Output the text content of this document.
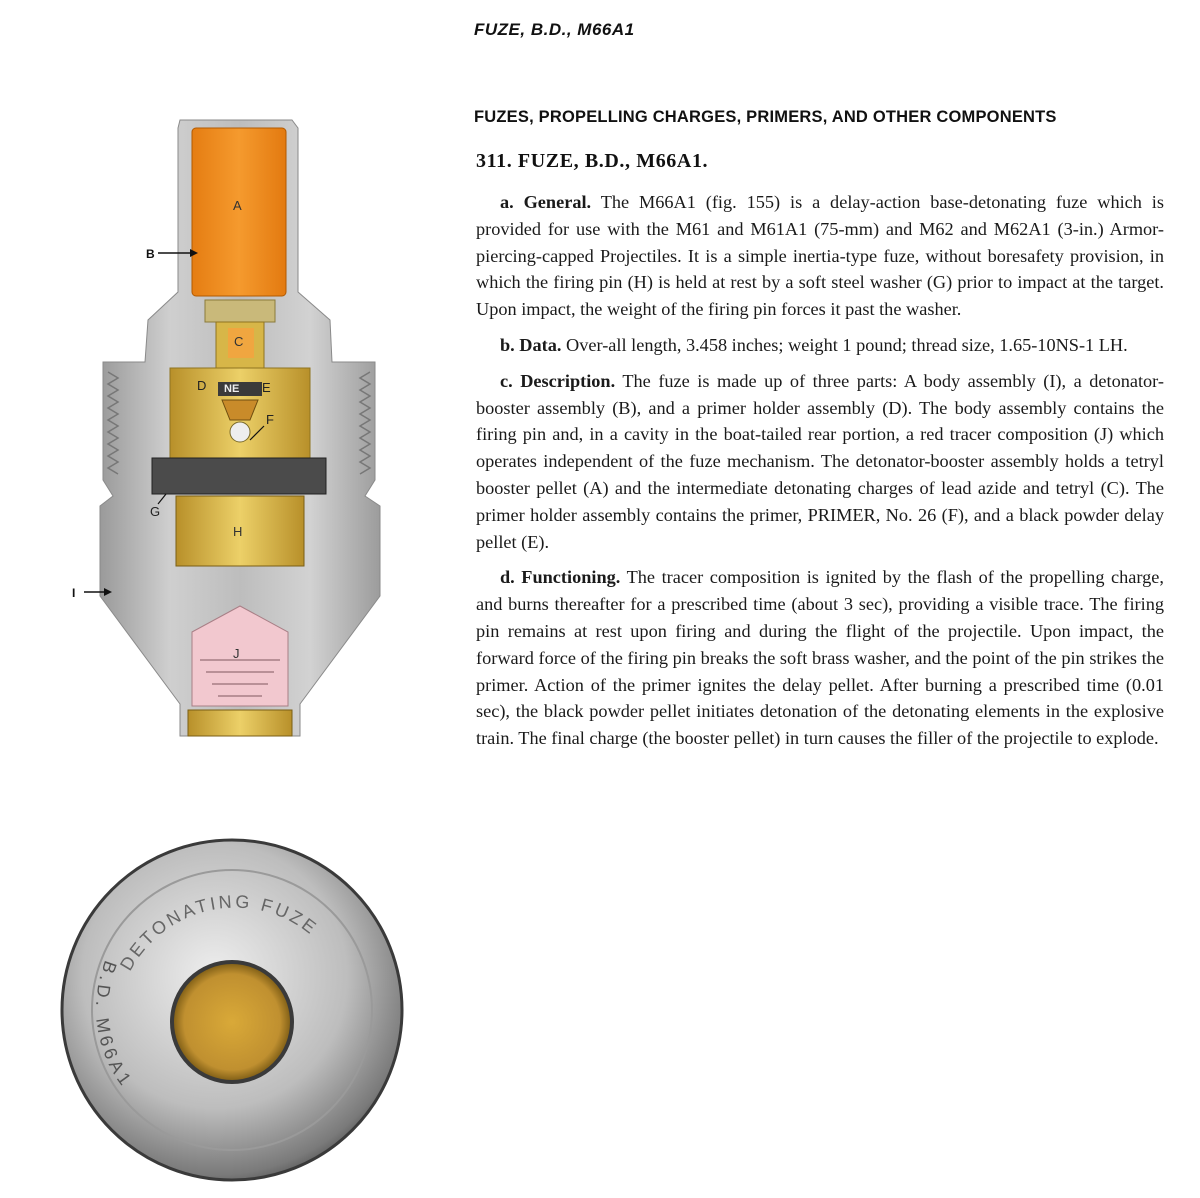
FUZE, B.D., M66A1
A
B
C
D NE E
F
G
H
I
J
DETONATING FUZE
B.D. M66A1
FUZES, PROPELLING CHARGES, PRIMERS, AND OTHER COMPONENTS
311. FUZE, B.D., M66A1.

a. General. The M66A1 (fig. 155) is a delay-action base-detonating fuze which is provided for use with the M61 and M61A1 (75-mm) and M62 and M62A1 (3-in.) Armor-piercing-capped Projectiles. It is a simple inertia-type fuze, without boresafety provision, in which the firing pin (H) is held at rest by a soft steel washer (G) prior to impact at the target. Upon impact, the weight of the firing pin forces it past the washer.

b. Data. Over-all length, 3.458 inches; weight 1 pound; thread size, 1.65-10NS-1 LH.

c. Description. The fuze is made up of three parts: A body assembly (I), a detonator-booster assembly (B), and a primer holder assembly (D). The body assembly contains the firing pin and, in a cavity in the boat-tailed rear portion, a red tracer composition (J) which operates independent of the fuze mechanism. The detonator-booster assembly holds a tetryl booster pellet (A) and the intermediate detonating charges of lead azide and tetryl (C). The primer holder assembly contains the primer, PRIMER, No. 26 (F), and a black powder delay pellet (E).

d. Functioning. The tracer composition is ignited by the flash of the propelling charge, and burns thereafter for a prescribed time (about 3 sec), providing a visible trace. The firing pin remains at rest upon firing and during the flight of the projectile. Upon impact, the forward force of the firing pin breaks the soft brass washer, and the point of the pin strikes the primer. Action of the primer ignites the delay pellet. After burning a prescribed time (0.01 sec), the black powder pellet initiates detonation of the detonating elements in the explosive train. The final charge (the booster pellet) in turn causes the filler of the projectile to explode.
